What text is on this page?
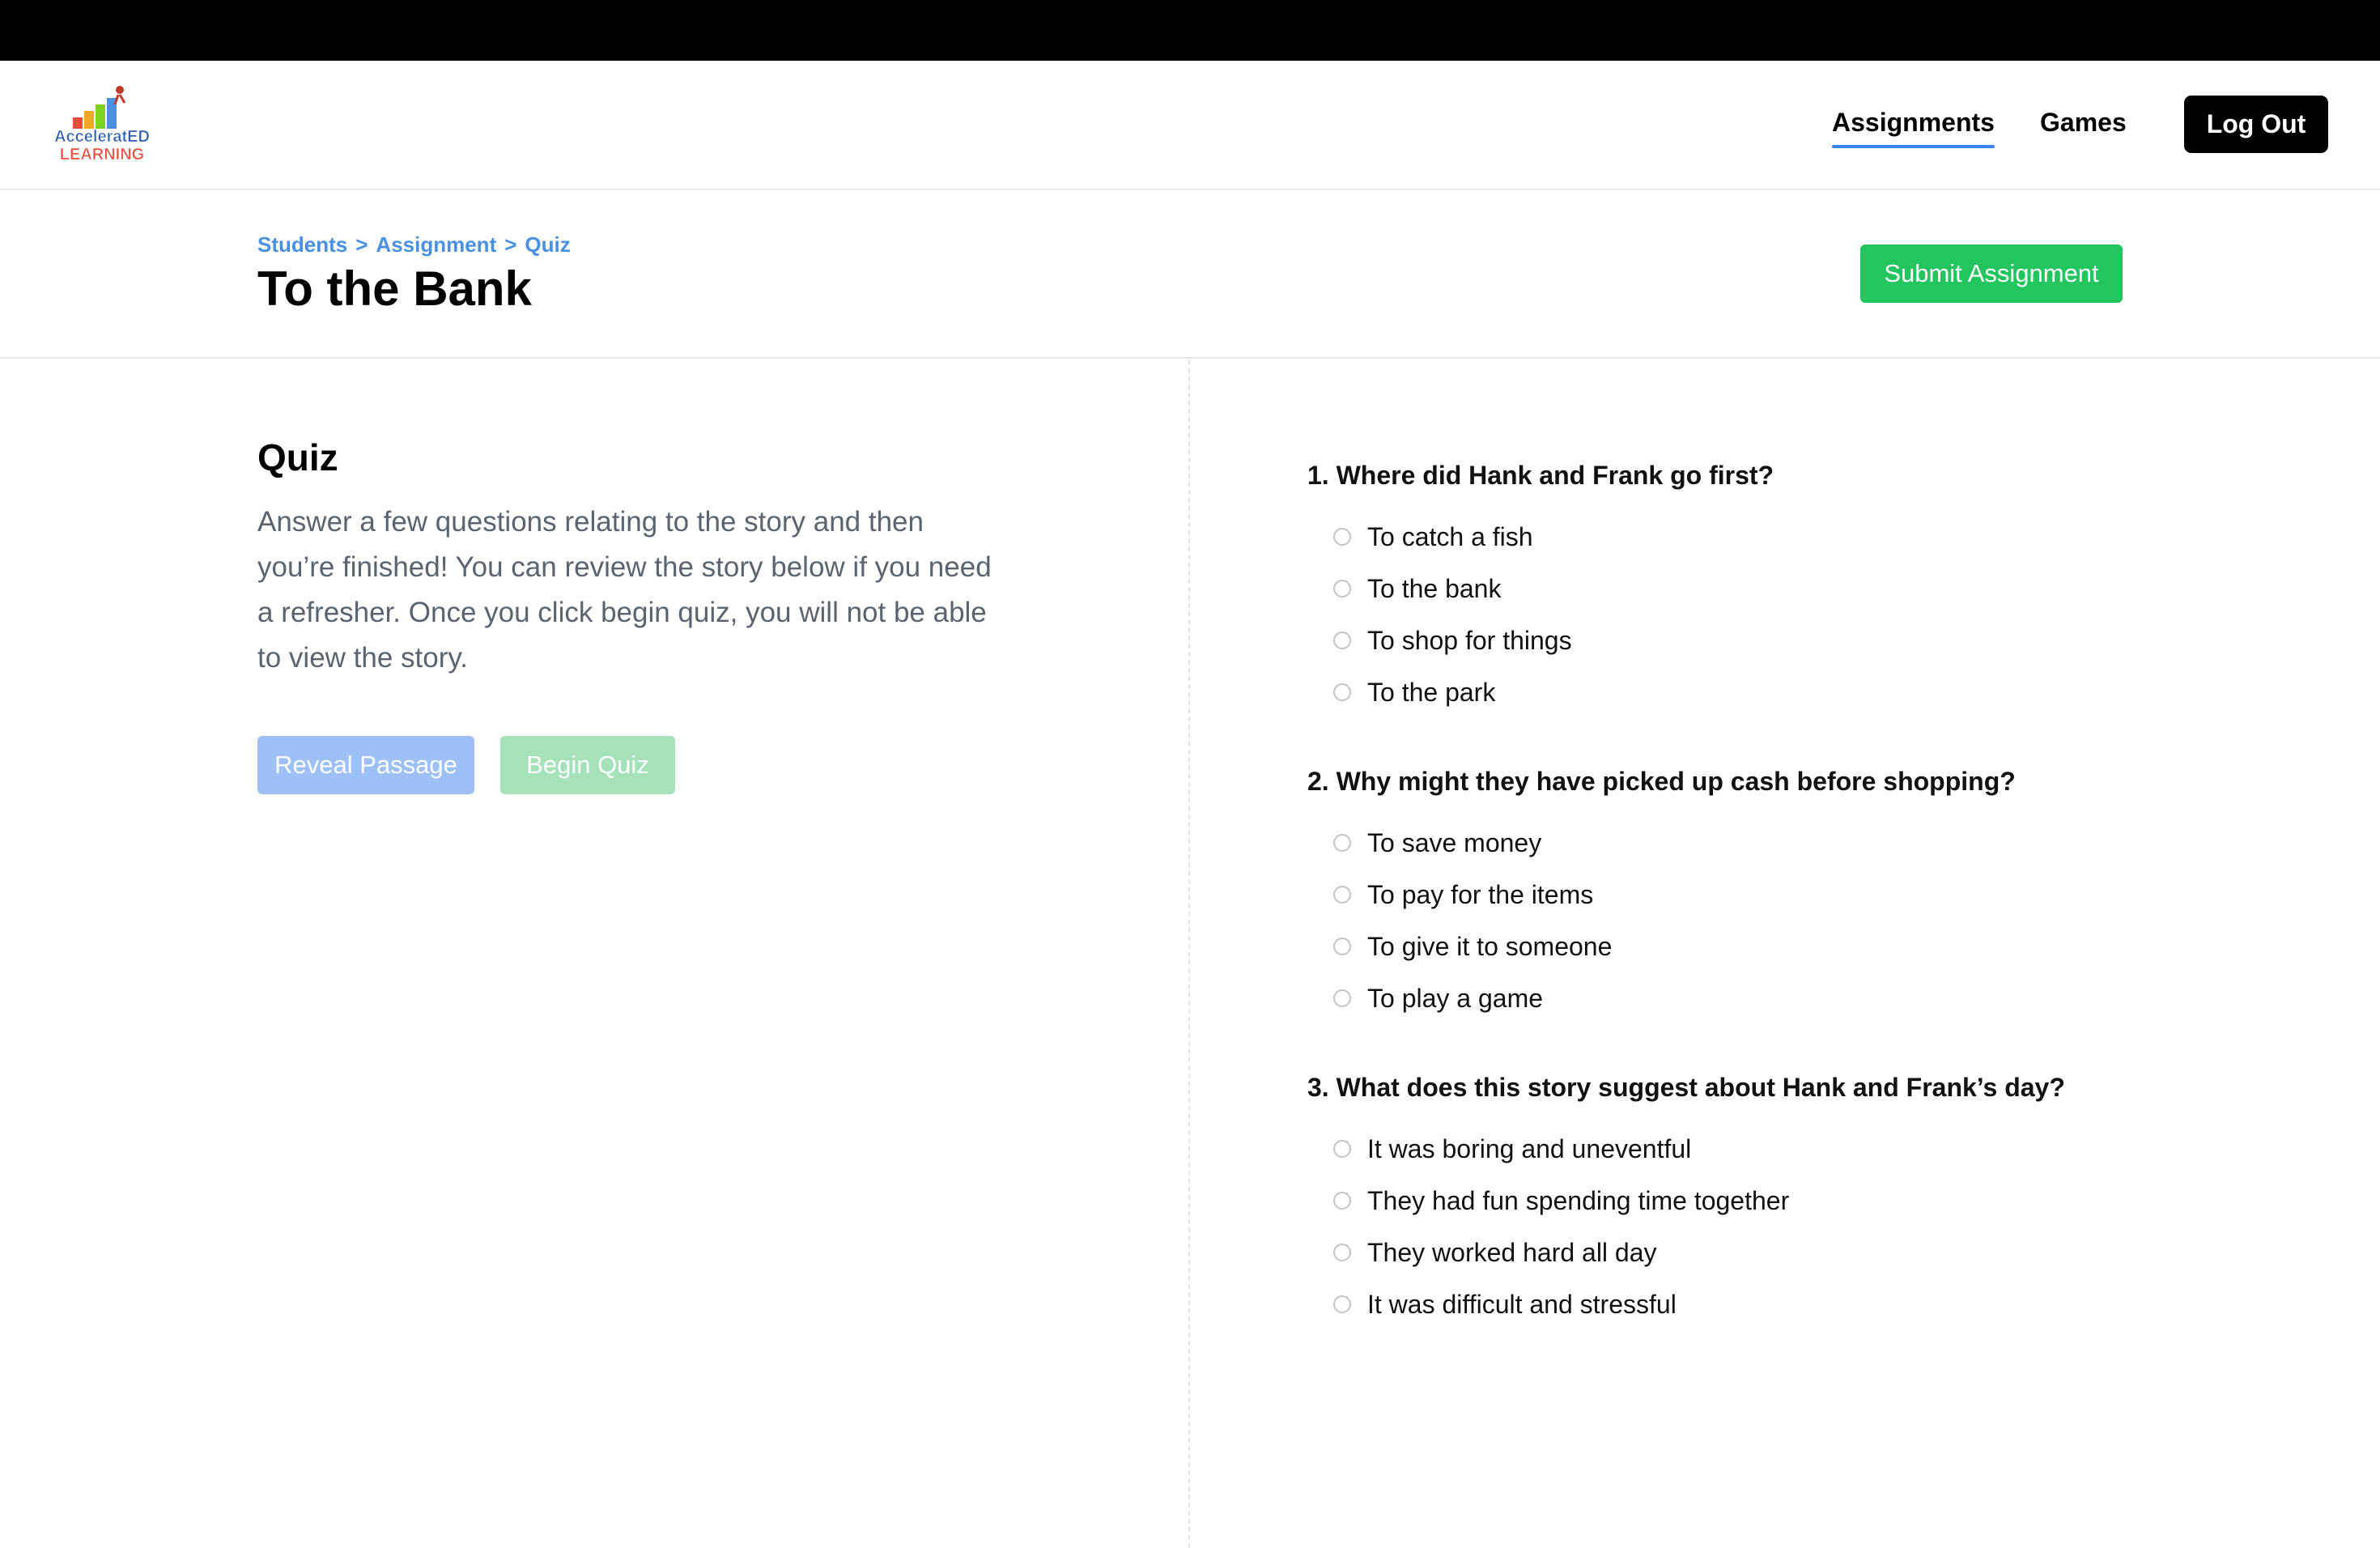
AcceleratED
LEARNING
Assignments Games	Log Out
Students > Assignment > Quiz
To the Bank	Submit Assignment
Quiz

Answer a few questions relating to the story and then you’re finished! You can review the story below if you need a refresher. Once you click begin quiz, you will not be able to view the story.

Reveal Passage	Begin Quiz

1. Where did Hank and Frank go first?

To catch a fish
To the bank
To shop for things
To the park

2. Why might they have picked up cash before shopping?

To save money
To pay for the items
To give it to someone
To play a game

3. What does this story suggest about Hank and Frank’s day?

It was boring and uneventful
They had fun spending time together
They worked hard all day
It was difficult and stressful
